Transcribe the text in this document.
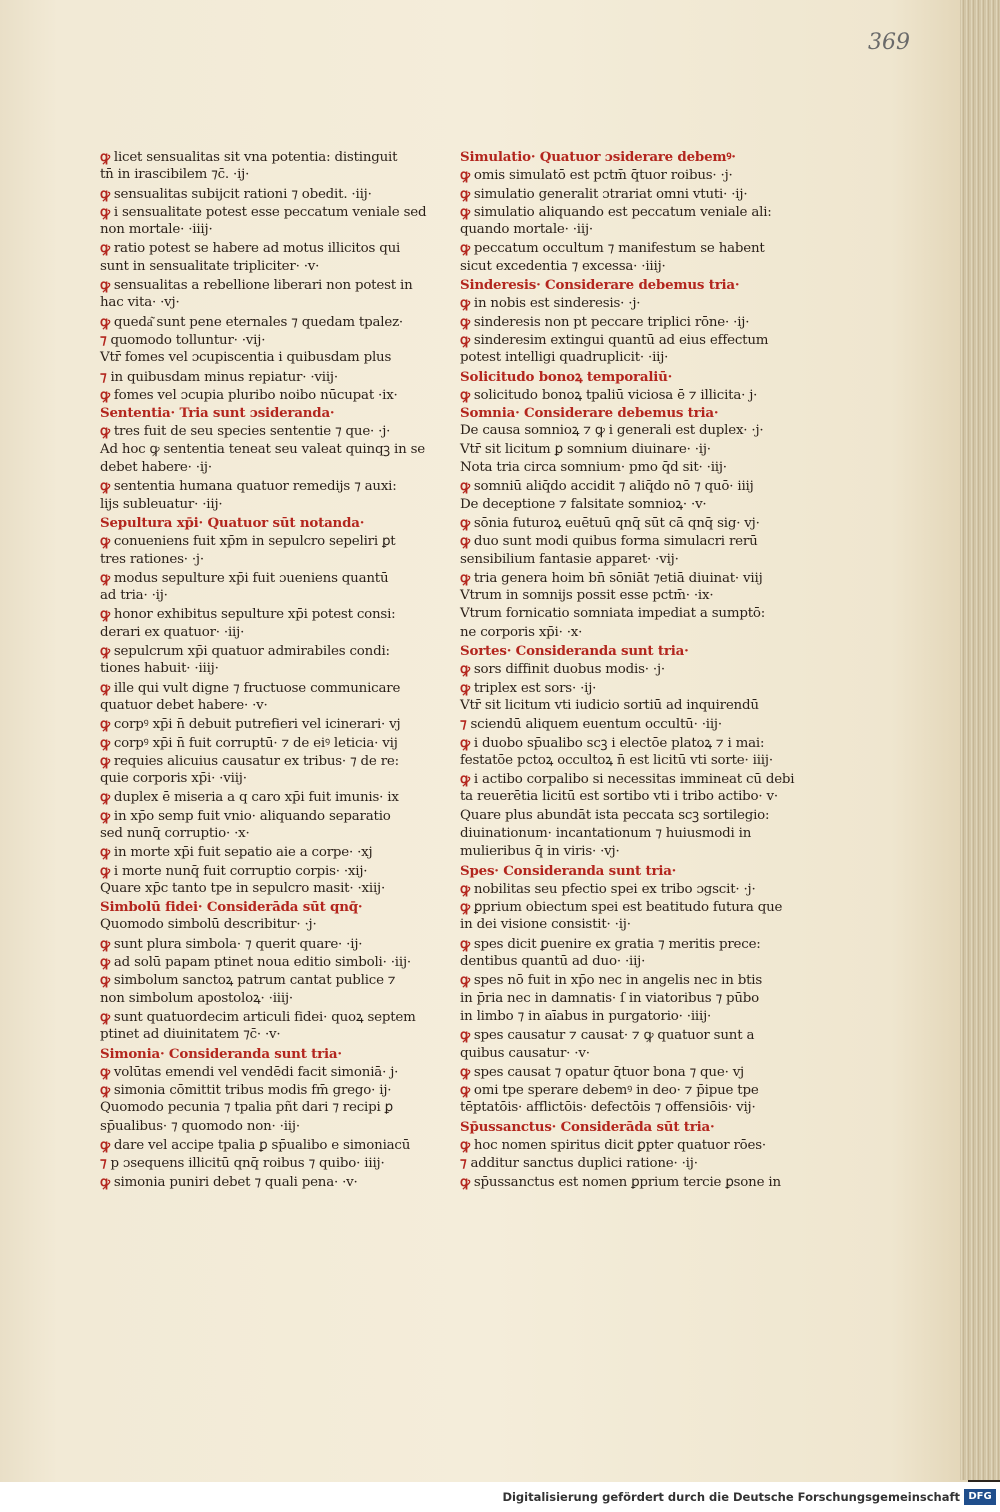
369
ꝙ licet sensualitas sit vna potentia: distinguit
tn̄ in irascibilem ⁊c̄. ·ij·
ꝙ sensualitas subijcit rationi ⁊ obedit. ·iij·
ꝙ i sensualitate potest esse peccatum veniale sed
non mortale· ·iiij·
ꝙ ratio potest se habere ad motus illicitos qui
sunt in sensualitate tripliciter· ·v·
ꝙ sensualitas a rebellione liberari non potest in
hac vita· ·vj·
ꝙ queda͂ sunt pene eternales ⁊ quedam tpalez·
⁊ quomodo tolluntur· ·vij·
Vtr̄ fomes vel ɔcupiscentia i quibusdam plus
⁊ in quibusdam minus repiatur· ·viij·
ꝙ fomes vel ɔcupia pluribo noibo nūcupat ·ix·
Sententia· Tria sunt ɔsideranda·
ꝙ tres fuit de seu species sententie ⁊ que· ·j·
Ad hoc ꝙ sententia teneat seu valeat quinqꝫ in se
debet habere· ·ij·
ꝙ sententia humana quatuor remedijs ⁊ auxi:
lijs subleuatur· ·iij·
Sepultura xp̄i· Quatuor sūt notanda·
ꝙ conueniens fuit xp̄m in sepulcro sepeliri ꝑt
tres rationes· ·j·
ꝙ modus sepulture xp̄i fuit ɔueniens quantū
ad tria· ·ij·
ꝙ honor exhibitus sepulture xp̄i potest consi:
derari ex quatuor· ·iij·
ꝙ sepulcrum xp̄i quatuor admirabiles condi:
tiones habuit· ·iiij·
ꝙ ille qui vult digne ⁊ fructuose communicare
quatuor debet habere· ·v·
ꝙ corpꝰ xp̄i n̄ debuit putrefieri vel icinerari· vj
ꝙ corpꝰ xp̄i n̄ fuit corruptū· ⁊ de eiꝰ leticia· vij
ꝙ requies alicuius causatur ex tribus· ⁊ de re:
quie corporis xp̄i· ·viij·
ꝙ duplex ē miseria a q caro xp̄i fuit imunis· ix
ꝙ in xp̄o semp fuit vnio· aliquando separatio
sed nunq̄ corruptio· ·x·
ꝙ in morte xp̄i fuit sepatio aie a corpe· ·xj
ꝙ i morte nunq̄ fuit corruptio corpis· ·xij·
Quare xp̄c tanto tpe in sepulcro masit· ·xiij·
Simbolū fidei· Considerāda sūt qnq̄·
Quomodo simbolū describitur· ·j·
ꝙ sunt plura simbola· ⁊ querit quare· ·ij·
ꝙ ad solū papam ptinet noua editio simboli· ·iij·
ꝙ simbolum sanctoꝝ patrum cantat publice ⁊
non simbolum apostoloꝝ· ·iiij·
ꝙ sunt quatuordecim articuli fidei· quoꝝ septem
ptinet ad diuinitatem ⁊c̄· ·v·
Simonia· Consideranda sunt tria·
ꝙ volūtas emendi vel vendēdi facit simoniā· j·
ꝙ simonia cōmittit tribus modis fm̄ grego· ij·
Quomodo pecunia ⁊ tpalia pñt dari ⁊ recipi ꝑ
sp̄ualibus· ⁊ quomodo non· ·iij·
ꝙ dare vel accipe tpalia ꝑ sp̄ualibo e simoniacū
⁊ p ɔsequens illicitū qnq̄ roibus ⁊ quibo· iiij·
ꝙ simonia puniri debet ⁊ quali pena· ·v·
Simulatio· Quatuor ɔsiderare debemꝰ·
ꝙ omis simulatō est pctm̄ q̄tuor roibus· ·j·
ꝙ simulatio generalit ɔtrariat omni vtuti· ·ij·
ꝙ simulatio aliquando est peccatum veniale ali:
quando mortale· ·iij·
ꝙ peccatum occultum ⁊ manifestum se habent
sicut excedentia ⁊ excessa· ·iiij·
Sinderesis· Considerare debemus tria·
ꝙ in nobis est sinderesis· ·j·
ꝙ sinderesis non pt peccare triplici rōne· ·ij·
ꝙ sinderesim extingui quantū ad eius effectum
potest intelligi quadruplicit· ·iij·
Solicitudo bonoꝝ temporaliū·
ꝙ solicitudo bonoꝝ tpaliū viciosa ē ⁊ illicita· j·
Somnia· Considerare debemus tria·
De causa somnioꝝ ⁊ ꝙ i generali est duplex· ·j·
Vtr̄ sit licitum ꝑ somnium diuinare· ·ij·
Nota tria circa somnium· pmo q̄d sit· ·iij·
ꝙ somniū aliq̄do accidit ⁊ aliq̄do nō ⁊ quō· iiij
De deceptione ⁊ falsitate somnioꝝ· ·v·
ꝙ sōnia futuroꝝ euētuū qnq̄ sūt cā qnq̄ sig· vj·
ꝙ duo sunt modi quibus forma simulacri rerū
sensibilium fantasie apparet· ·vij·
ꝙ tria genera hoim bn̄ sōniāt ⁊etiā diuinat· viij
Vtrum in somnijs possit esse pctm̄· ·ix·
Vtrum fornicatio somniata impediat a sumptō:
ne corporis xp̄i· ·x·
Sortes· Consideranda sunt tria·
ꝙ sors diffinit duobus modis· ·j·
ꝙ triplex est sors· ·ij·
Vtr̄ sit licitum vti iudicio sortiū ad inquirendū
⁊ sciendū aliquem euentum occultū· ·iij·
ꝙ i duobo sp̄ualibo scꝫ i electōe platoꝝ ⁊ i mai:
festatōe pctoꝝ occultoꝝ n̄ est licitū vti sorte· iiij·
ꝙ i actibo corpalibo si necessitas immineat cū debi
ta reuerētia licitū est sortibo vti i tribo actibo· v·
Quare plus abundāt ista peccata scꝫ sortilegio:
diuinationum· incantationum ⁊ huiusmodi in
mulieribus q̄ in viris· ·vj·
Spes· Consideranda sunt tria·
ꝙ nobilitas seu pfectio spei ex tribo ɔgscit· ·j·
ꝙ ꝑprium obiectum spei est beatitudo futura que
in dei visione consistit· ·ij·
ꝙ spes dicit ꝑuenire ex gratia ⁊ meritis prece:
dentibus quantū ad duo· ·iij·
ꝙ spes nō fuit in xp̄o nec in angelis nec in btis
in p̄ria nec in damnatis· ſ in viatoribus ⁊ pūbo
in limbo ⁊ in aīabus in purgatorio· ·iiij·
ꝙ spes causatur ⁊ causat· ⁊ ꝙ quatuor sunt a
quibus causatur· ·v·
ꝙ spes causat ⁊ opatur q̄tuor bona ⁊ que· vj
ꝙ omi tpe sperare debemꝰ in deo· ⁊ p̄ipue tpe
tēptatōis· afflictōis· defectōis ⁊ offensiōis· vij·
Sp̄ussanctus· Considerāda sūt tria·
ꝙ hoc nomen spiritus dicit ꝑpter quatuor rōes·
⁊ additur sanctus duplici ratione· ·ij·
ꝙ sp̄ussanctus est nomen ꝑprium tercie ꝑsone in
Digitalisierung gefördert durch die Deutsche Forschungsgemeinschaft DFG
